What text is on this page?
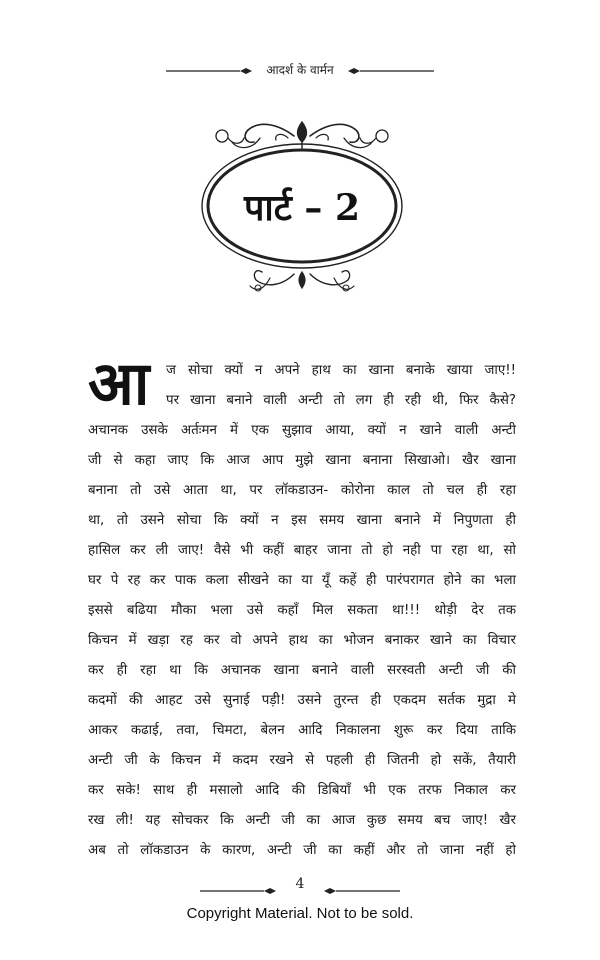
आदर्श के वार्मन
पार्ट – 2
आ ज सोचा क्यों न अपने हाथ का खाना बनाके खाया जाए!!
पर खाना बनाने वाली अन्टी तो लग ही रही थी, फिर कैसे?
अचानक उसके अर्तःमन में एक सुझाव आया, क्यों न खाने वाली अन्टी
जी से कहा जाए कि आज आप मुझे खाना बनाना सिखाओ। खैर खाना
बनाना तो उसे आता था, पर लॉकडाउन- कोरोना काल तो चल ही रहा
था, तो उसने सोचा कि क्यों न इस समय खाना बनाने में निपुणता ही
हासिल कर ली जाए! वैसे भी कहीं बाहर जाना तो हो नही पा रहा था, सो
घर पे रह कर पाक कला सीखने का या यूँ कहें ही पारंपरागत होने का भला
इससे बढिया मौका भला उसे कहाँ मिल सकता था!!! थोड़ी देर तक
किचन में खड़ा रह कर वो अपने हाथ का भोजन बनाकर खाने का विचार
कर ही रहा था कि अचानक खाना बनाने वाली सरस्वती अन्टी जी की
कदमों की आहट उसे सुनाई पड़ी! उसने तुरन्त ही एकदम सर्तक मुद्रा मे
आकर कढाई, तवा, चिमटा, बेलन आदि निकालना शुरू कर दिया ताकि
अन्टी जी के किचन में कदम रखने से पहली ही जितनी हो सकें, तैयारी
कर सके! साथ ही मसालो आदि की डिबियाँ भी एक तरफ निकाल कर
रख ली! यह सोचकर कि अन्टी जी का आज कुछ समय बच जाए! खैर
अब तो लॉकडाउन के कारण, अन्टी जी का कहीं और तो जाना नहीं हो
4
Copyright Material. Not to be sold.
